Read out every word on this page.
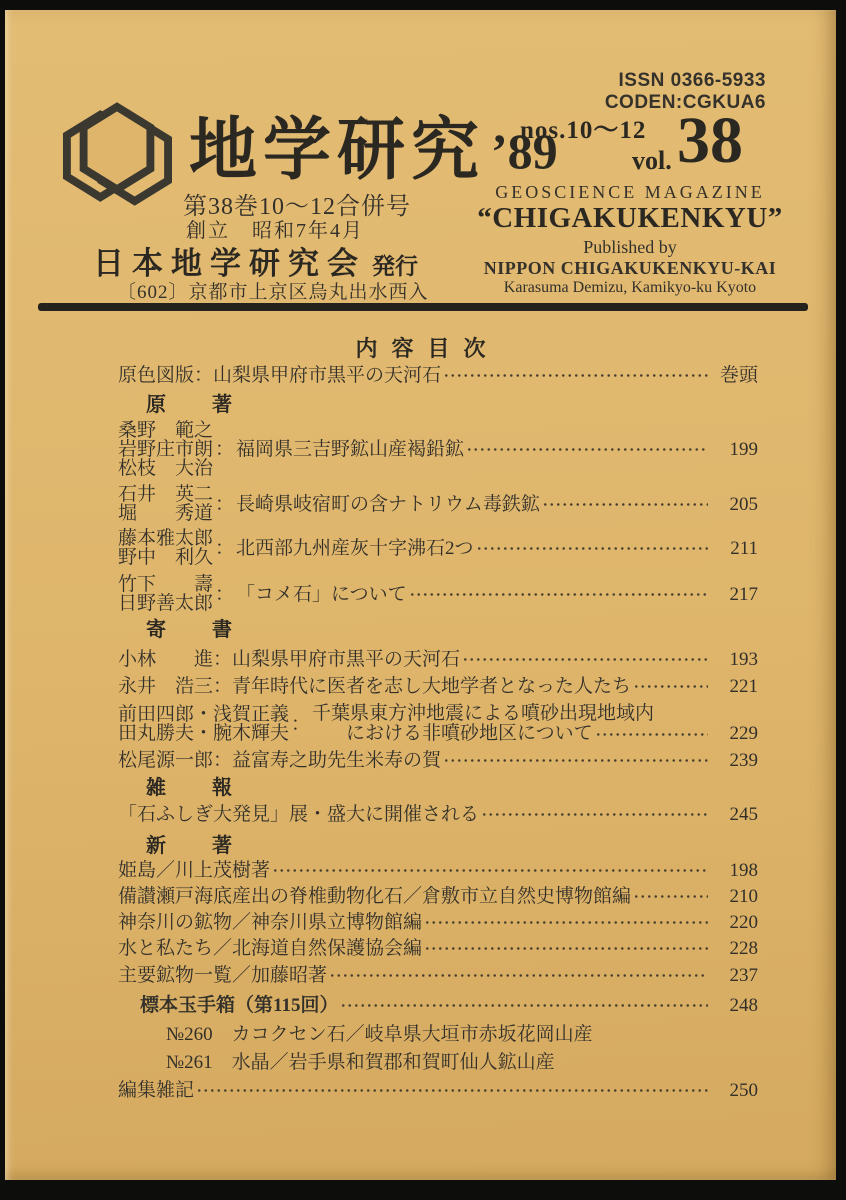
ISSN 0366-5933
CODEN:CGKUA6
地学研究 nos.10〜12
’89	vol. 38
第38巻10〜12合併号
創立　昭和7年4月
日本地学研究会 発行
〔602〕京都市上京区烏丸出水西入
GEOSCIENCE MAGAZINE
“CHIGAKUKENKYU”
Published by
NIPPON CHIGAKUKENKYU-KAI
Karasuma Demizu, Kamikyo-ku Kyoto
内容目次
原色図版：山梨県甲府市黒平の天河石	巻頭
原　　著
桑野　範之
岩野庄市朗
松枝　大治
： 福岡県三吉野鉱山産褐鉛鉱	199
石井　英二
堀　　秀道 ： 長崎県岐宿町の含ナトリウム毒鉄鉱	205
藤本雅太郎
野中　利久 ： 北西部九州産灰十字沸石2つ	211
竹下　　壽
日野善太郎 ： 「コメ石」について	217
寄　　書
小林　　進：山梨県甲府市黒平の天河石	193
永井　浩三：青年時代に医者を志し大地学者となった人たち	221
前田四郎・浅賀正義
田丸勝夫・腕木輝夫 ： 千葉県東方沖地震による噴砂出現地域内
における非噴砂地区について	229
松尾源一郎：益富寿之助先生米寿の賀	239
雑　　報
「石ふしぎ大発見」展・盛大に開催される	245
新　　著
姫島／川上茂樹著	198
備讃瀬戸海底産出の脊椎動物化石／倉敷市立自然史博物館編	210
神奈川の鉱物／神奈川県立博物館編	220
水と私たち／北海道自然保護協会編	228
主要鉱物一覧／加藤昭著	237
標本玉手箱（第115回）	248
№260　カコクセン石／岐阜県大垣市赤坂花岡山産
№261　水晶／岩手県和賀郡和賀町仙人鉱山産
編集雑記	250
